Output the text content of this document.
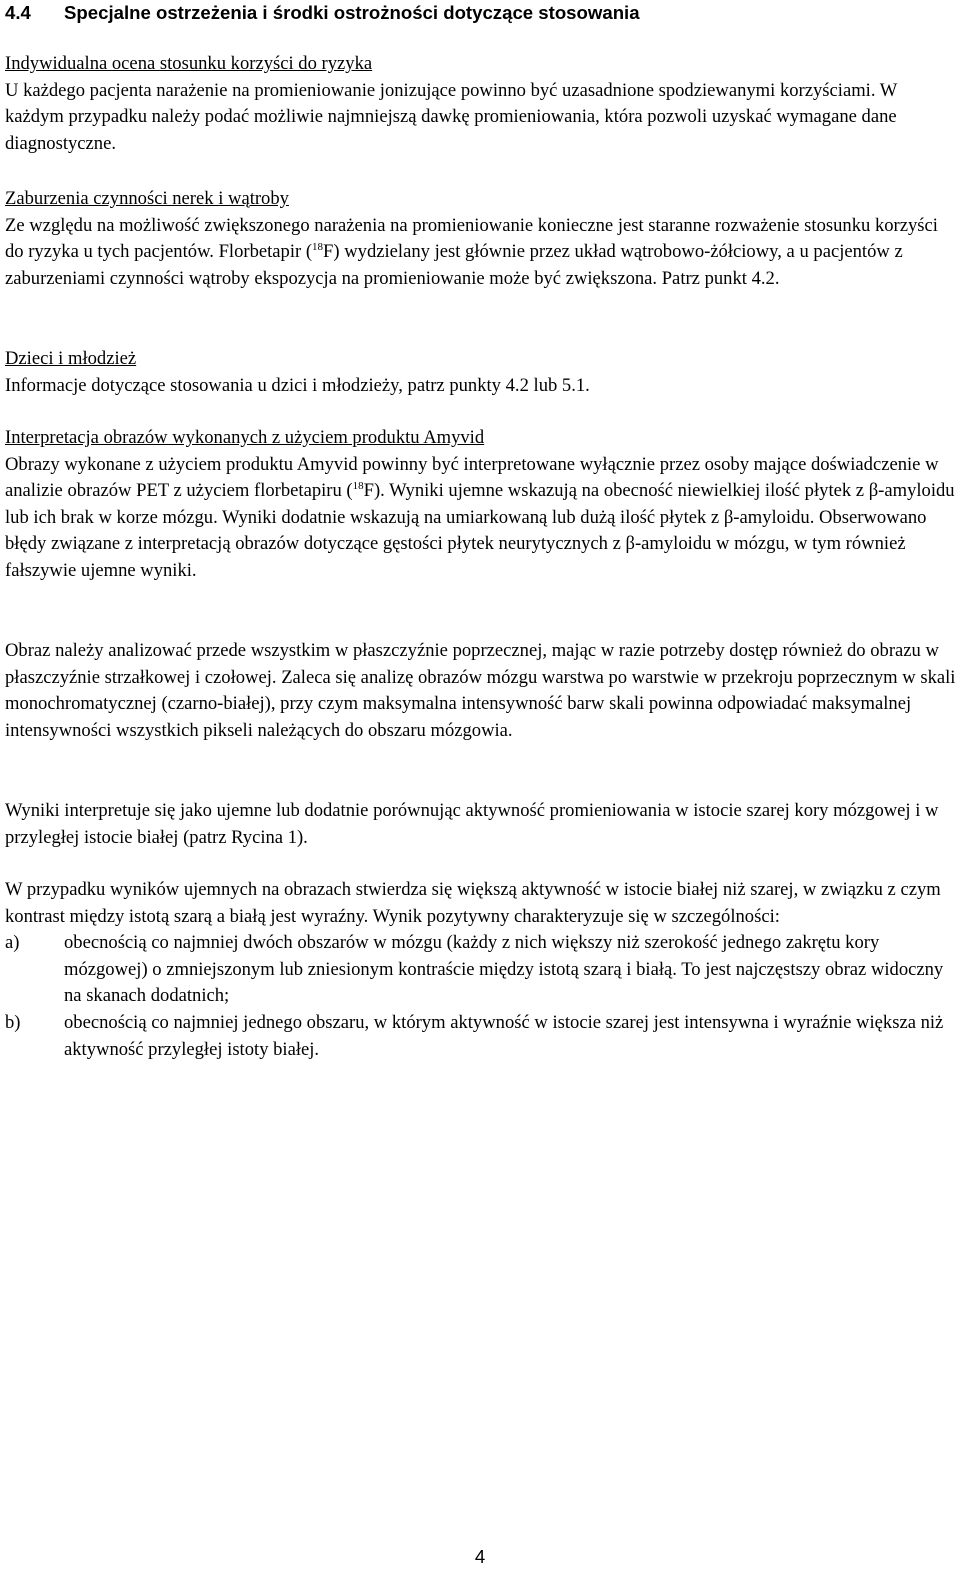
4.4 Specjalne ostrzeżenia i środki ostrożności dotyczące stosowania

Indywidualna ocena stosunku korzyści do ryzyka

U każdego pacjenta narażenie na promieniowanie jonizujące powinno być uzasadnione spodziewanymi korzyściami. W każdym przypadku należy podać możliwie najmniejszą dawkę promieniowania, która pozwoli uzyskać wymagane dane diagnostyczne.

Zaburzenia czynności nerek i wątroby

Ze względu na możliwość zwiększonego narażenia na promieniowanie konieczne jest staranne rozważenie stosunku korzyści do ryzyka u tych pacjentów. Florbetapir ($^{18}$F) wydzielany jest głównie przez układ wątrobowo-żółciowy, a u pacjentów z zaburzeniami czynności wątroby ekspozycja na promieniowanie może być zwiększona. Patrz punkt 4.2.

Dzieci i młodzież

Informacje dotyczące stosowania u dzici i młodzieży, patrz punkty 4.2 lub 5.1.

Interpretacja obrazów wykonanych z użyciem produktu Amyvid

Obrazy wykonane z użyciem produktu Amyvid powinny być interpretowane wyłącznie przez osoby mające doświadczenie w analizie obrazów PET z użyciem florbetapiru ($^{18}$F). Wyniki ujemne wskazują na obecność niewielkiej ilość płytek z β-amyloidu lub ich brak w korze mózgu. Wyniki dodatnie wskazują na umiarkowaną lub dużą ilość płytek z β-amyloidu. Obserwowano błędy związane z interpretacją obrazów dotyczące gęstości płytek neurytycznych z β-amyloidu w mózgu, w tym również fałszywie ujemne wyniki.

Obraz należy analizować przede wszystkim w płaszczyźnie poprzecznej, mając w razie potrzeby dostęp również do obrazu w płaszczyźnie strzałkowej i czołowej. Zaleca się analizę obrazów mózgu warstwa po warstwie w przekroju poprzecznym w skali monochromatycznej (czarno-białej), przy czym maksymalna intensywność barw skali powinna odpowiadać maksymalnej intensywności wszystkich pikseli należących do obszaru mózgowia.

Wyniki interpretuje się jako ujemne lub dodatnie porównując aktywność promieniowania w istocie szarej kory mózgowej i w przyległej istocie białej (patrz Rycina 1).

W przypadku wyników ujemnych na obrazach stwierdza się większą aktywność w istocie białej niż szarej, w związku z czym kontrast między istotą szarą a białą jest wyraźny. Wynik pozytywny charakteryzuje się w szczególności:

a)	obecnością co najmniej dwóch obszarów w mózgu (każdy z nich większy niż szerokość jednego zakrętu kory mózgowej) o zmniejszonym lub zniesionym kontraście między istotą szarą i białą. To jest najczęstszy obraz widoczny na skanach dodatnich;
b)	obecnością co najmniej jednego obszaru, w którym aktywność w istocie szarej jest intensywna i wyraźnie większa niż aktywność przyległej istoty białej.
4
